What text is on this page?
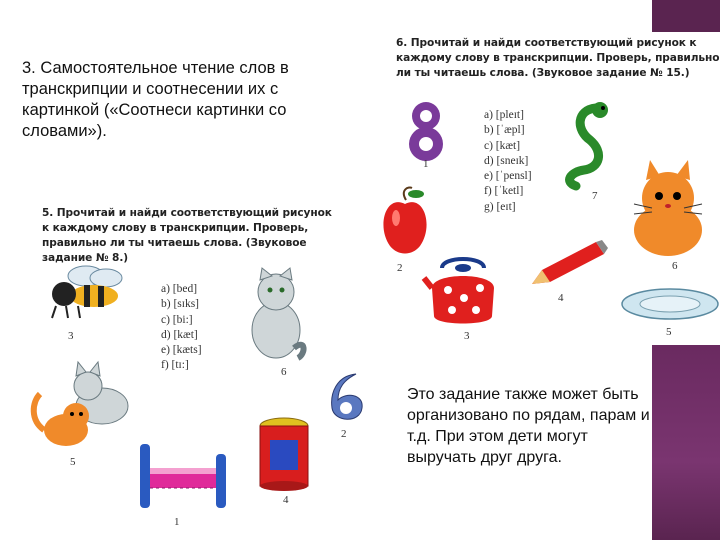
3. Самостоятельное чтение слов в транскрипции и соотнесении их с картинкой («Соотнеси картинки со словами»).
6. Прочитай и найди соответствующий рисунок к каждому слову в транскрипции. Проверь, правильно ли ты читаешь слова. (Звуковое задание № 15.)
a) [pleɪt]
b) [ˈæpl]
c) [kæt]
d) [sneɪk]
e) [ˈpensl]
f) [ˈketl]
g) [eɪt]
1
7
2	6
3
4
5
5. Прочитай и найди соответствующий рисунок к каждому слову в транскрипции. Проверь, правильно ли ты читаешь слова. (Звуковое задание № 8.)
a) [bed]
b) [sɪks]
c) [bi:]
d) [kæt]
e) [kæts]
f) [tɪ:]
3
6
5
2
4
1
Это задание также может быть организовано по рядам, парам и т.д. При этом дети могут выручать друг друга.
